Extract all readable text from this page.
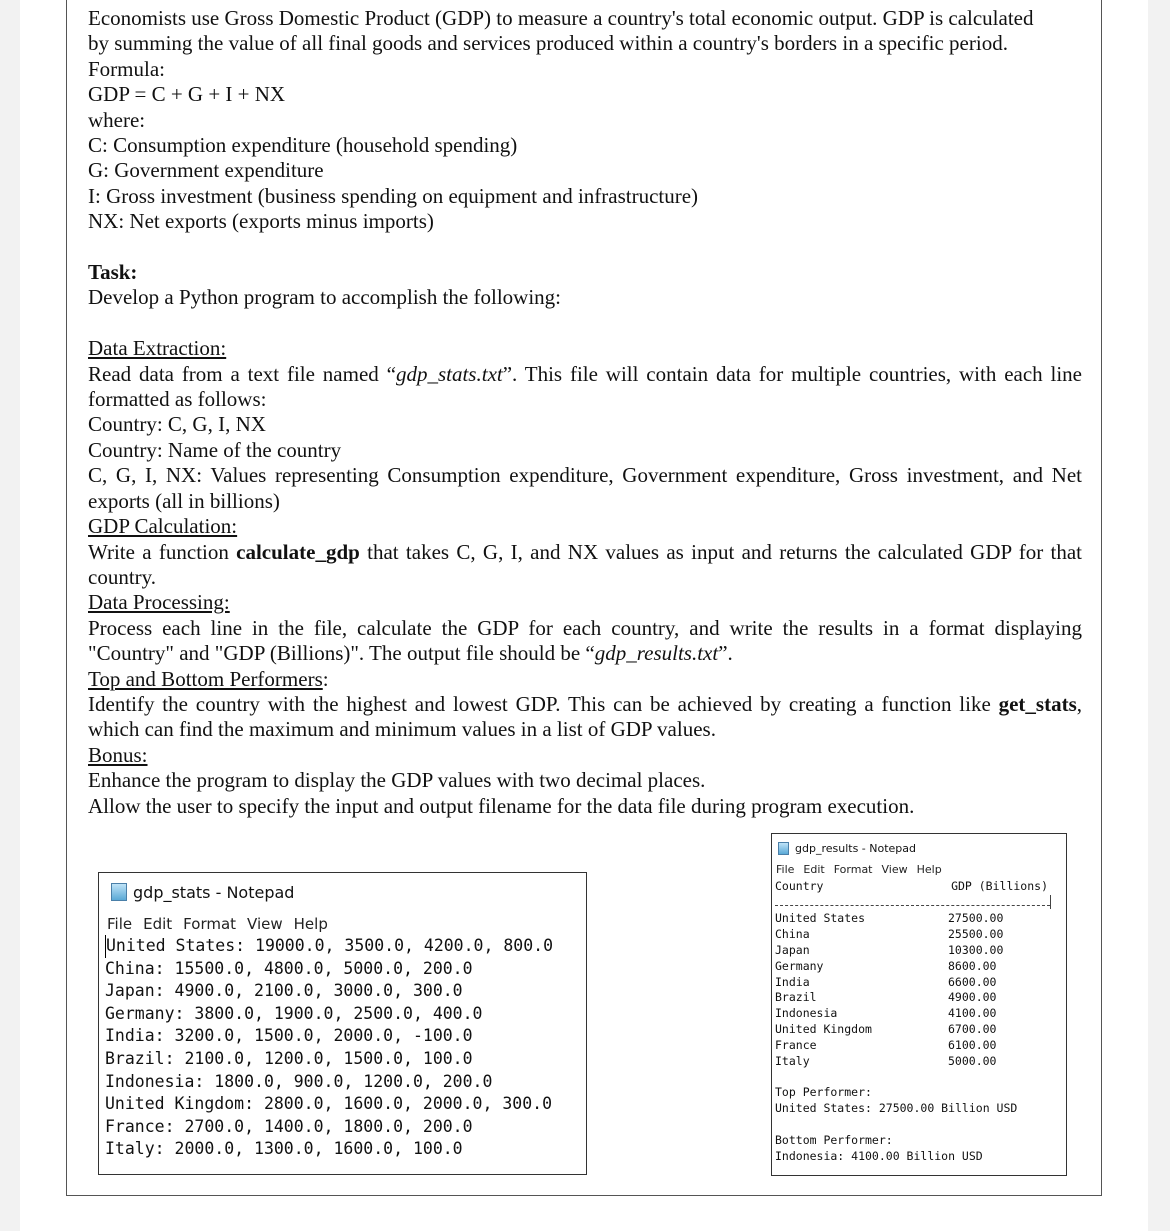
Economists use Gross Domestic Product (GDP) to measure a country's total economic output. GDP is calculated
by summing the value of all final goods and services produced within a country's borders in a specific period.
Formula:
GDP = C + G + I + NX
where:
C: Consumption expenditure (household spending)
G: Government expenditure
I: Gross investment (business spending on equipment and infrastructure)
NX: Net exports (exports minus imports)
Task:
Develop a Python program to accomplish the following:
Data Extraction:
Read data from a text file named “gdp_stats.txt”. This file will contain data for multiple countries, with each line formatted as follows:
Country: C, G, I, NX
Country: Name of the country
C, G, I, NX: Values representing Consumption expenditure, Government expenditure, Gross investment, and Net exports (all in billions)
GDP Calculation:
Write a function calculate_gdp that takes C, G, I, and NX values as input and returns the calculated GDP for that country.
Data Processing:
Process each line in the file, calculate the GDP for each country, and write the results in a format displaying "Country" and "GDP (Billions)". The output file should be “gdp_results.txt”.
Top and Bottom Performers:
Identify the country with the highest and lowest GDP. This can be achieved by creating a function like get_stats, which can find the maximum and minimum values in a list of GDP values.
Bonus:
Enhance the program to display the GDP values with two decimal places.
Allow the user to specify the input and output filename for the data file during program execution.
gdp_stats - Notepad
File Edit Format View Help
United States: 19000.0, 3500.0, 4200.0, 800.0
China: 15500.0, 4800.0, 5000.0, 200.0
Japan: 4900.0, 2100.0, 3000.0, 300.0
Germany: 3800.0, 1900.0, 2500.0, 400.0
India: 3200.0, 1500.0, 2000.0, -100.0
Brazil: 2100.0, 1200.0, 1500.0, 100.0
Indonesia: 1800.0, 900.0, 1200.0, 200.0
United Kingdom: 2800.0, 1600.0, 2000.0, 300.0
France: 2700.0, 1400.0, 1800.0, 200.0
Italy: 2000.0, 1300.0, 1600.0, 100.0
gdp_results - Notepad
File Edit Format View Help
Country	GDP (Billions)
United States	27500.00
China	25500.00
Japan	10300.00
Germany	8600.00
India	6600.00
Brazil	4900.00
Indonesia	4100.00
United Kingdom	6700.00
France	6100.00
Italy	5000.00
Top Performer:
United States: 27500.00 Billion USD
Bottom Performer:
Indonesia: 4100.00 Billion USD
